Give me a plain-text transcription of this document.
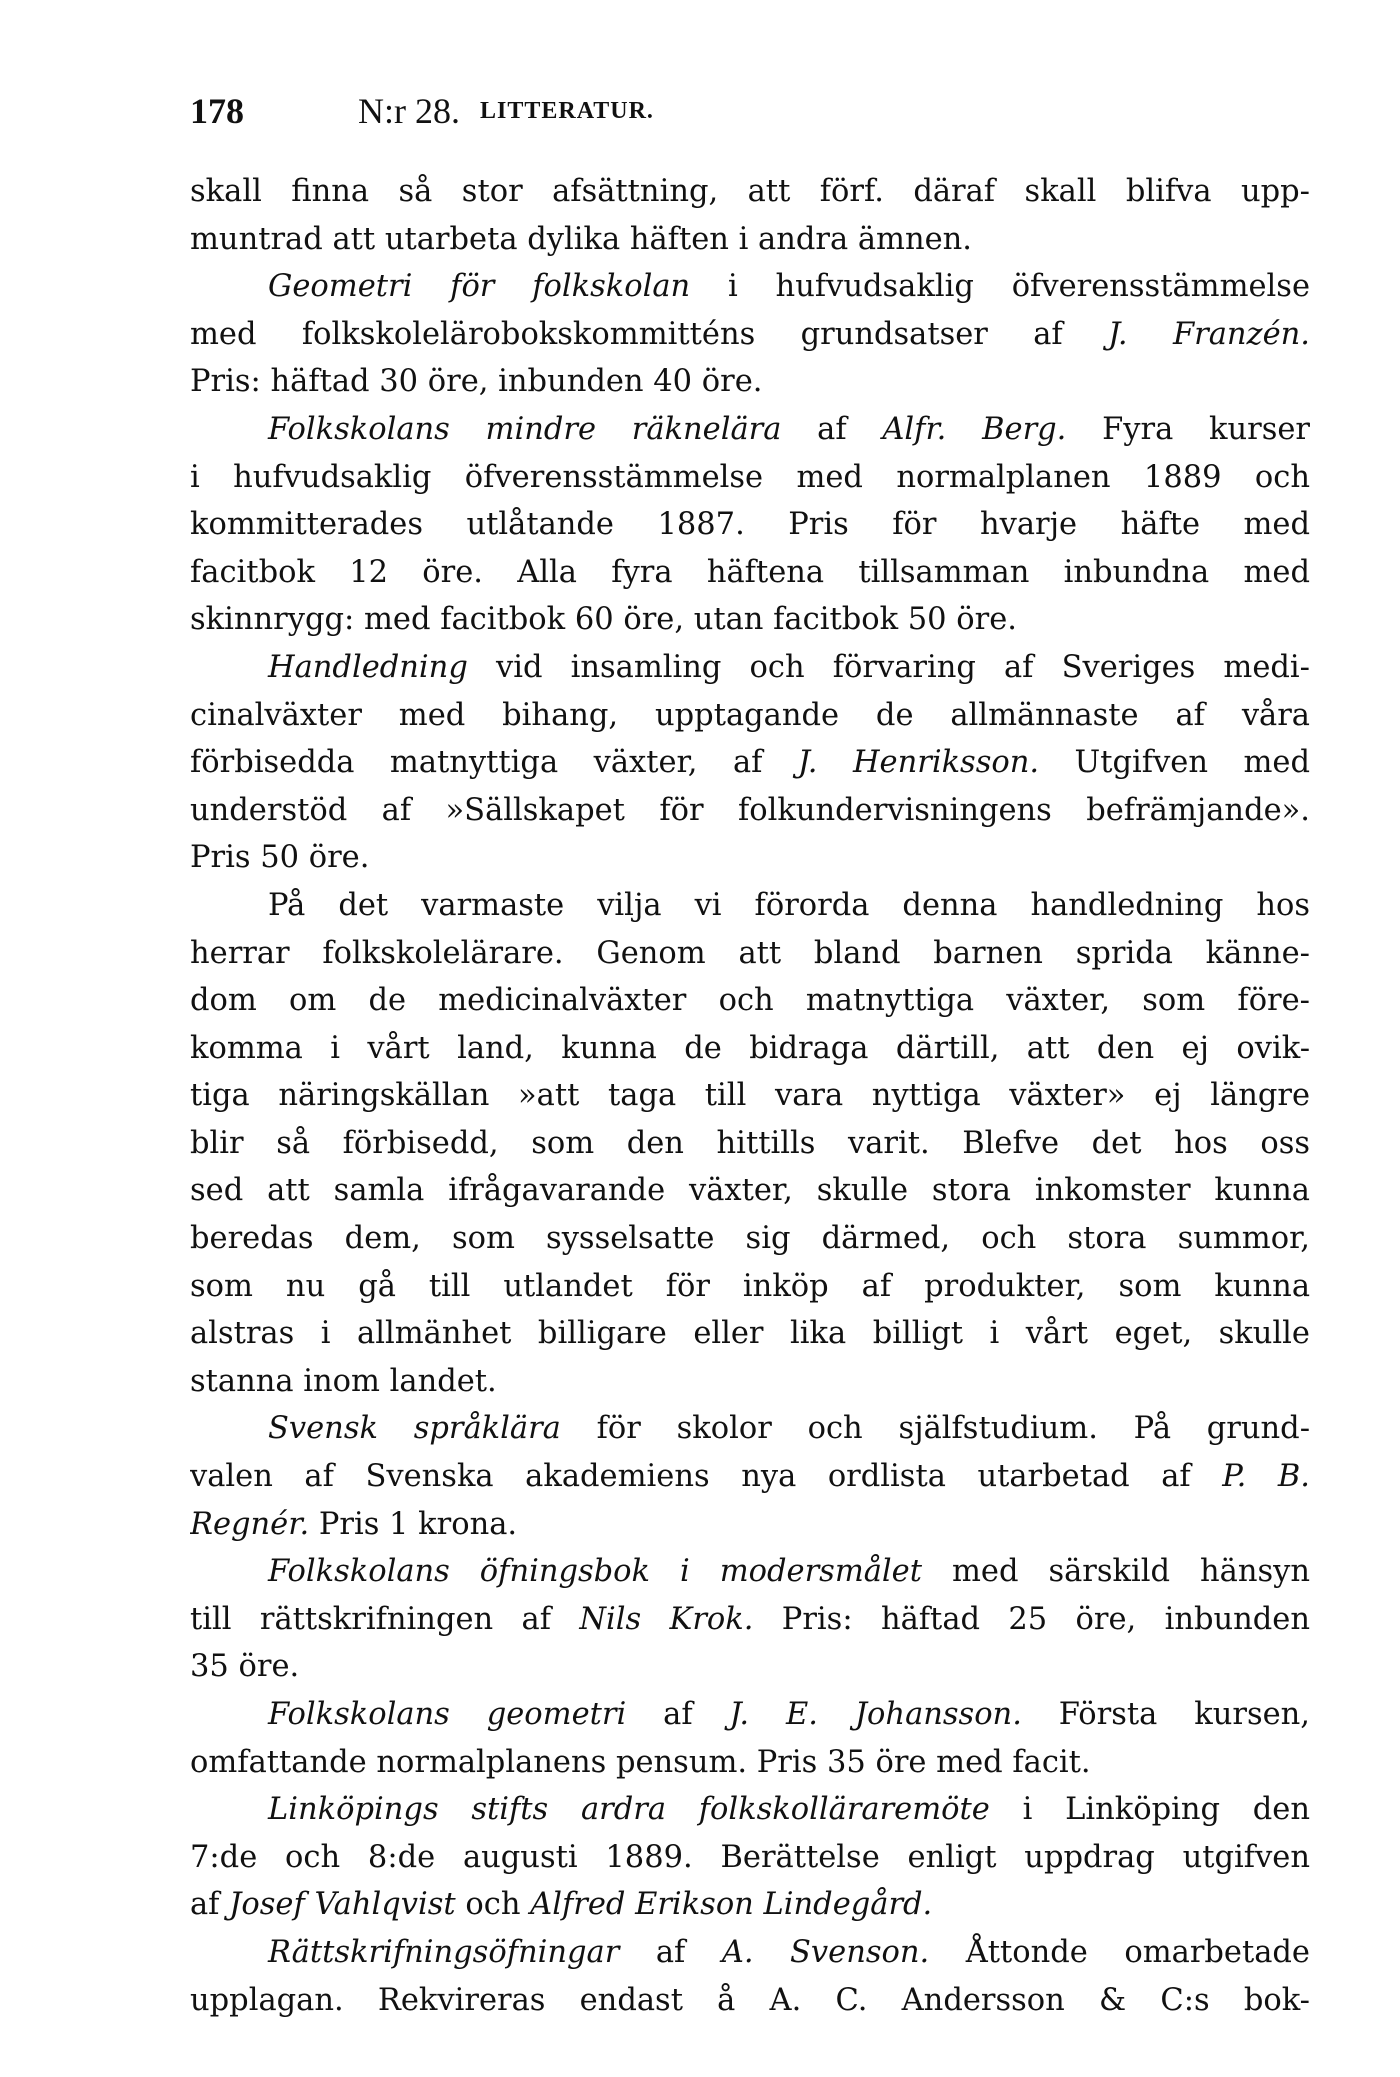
178	N:r 28. LITTERATUR.
skall finna så stor afsättning, att förf. däraf skall blifva upp-
muntrad att utarbeta dylika häften i andra ämnen.
Geometri för folkskolan i hufvudsaklig öfverensstämmelse
med folkskolelärobokskommitténs grundsatser af J. Franzén.
Pris: häftad 30 öre, inbunden 40 öre.
Folkskolans mindre räknelära af Alfr. Berg. Fyra kurser
i hufvudsaklig öfverensstämmelse med normalplanen 1889 och
kommitterades utlåtande 1887. Pris för hvarje häfte med
facitbok 12 öre. Alla fyra häftena tillsamman inbundna med
skinnrygg: med facitbok 60 öre, utan facitbok 50 öre.
Handledning vid insamling och förvaring af Sveriges medi-
cinalväxter med bihang, upptagande de allmännaste af våra
förbisedda matnyttiga växter, af J. Henriksson. Utgifven med
understöd af »Sällskapet för folkundervisningens befrämjande».
Pris 50 öre.
På det varmaste vilja vi förorda denna handledning hos
herrar folkskolelärare. Genom att bland barnen sprida känne-
dom om de medicinalväxter och matnyttiga växter, som före-
komma i vårt land, kunna de bidraga därtill, att den ej ovik-
tiga näringskällan »att taga till vara nyttiga växter» ej längre
blir så förbisedd, som den hittills varit. Blefve det hos oss
sed att samla ifrågavarande växter, skulle stora inkomster kunna
beredas dem, som sysselsatte sig därmed, och stora summor,
som nu gå till utlandet för inköp af produkter, som kunna
alstras i allmänhet billigare eller lika billigt i vårt eget, skulle
stanna inom landet.
Svensk språklära för skolor och själfstudium. På grund-
valen af Svenska akademiens nya ordlista utarbetad af P. B.
Regnér. Pris 1 krona.
Folkskolans öfningsbok i modersmålet med särskild hänsyn
till rättskrifningen af Nils Krok. Pris: häftad 25 öre, inbunden
35 öre.
Folkskolans geometri af J. E. Johansson. Första kursen,
omfattande normalplanens pensum. Pris 35 öre med facit.
Linköpings stifts ardra folkskolläraremöte i Linköping den
7:de och 8:de augusti 1889. Berättelse enligt uppdrag utgifven
af Josef Vahlqvist och Alfred Erikson Lindegård.
Rättskrifningsöfningar af A. Svenson. Åttonde omarbetade
upplagan. Rekvireras endast å A. C. Andersson & C:s bok-
